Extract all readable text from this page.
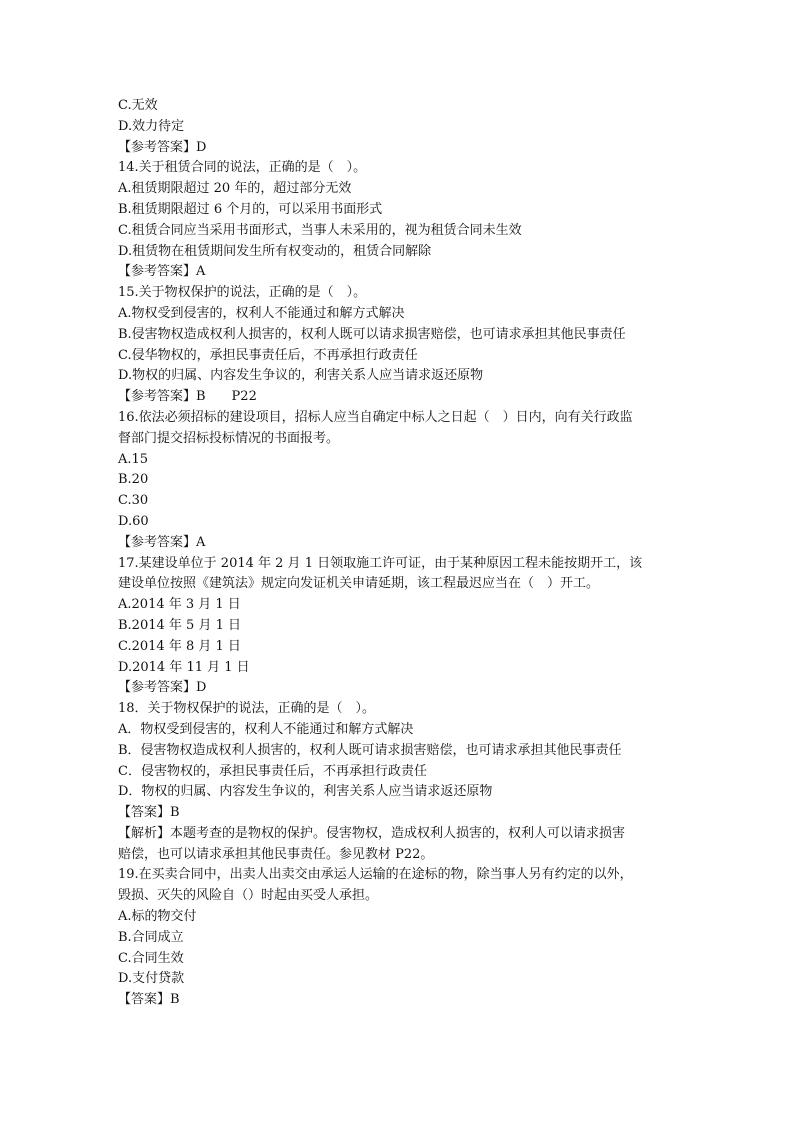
C.无效
D.效力待定
【参考答案】D
14.关于租赁合同的说法，正确的是（　）。
A.租赁期限超过 20 年的，超过部分无效
B.租赁期限超过 6 个月的，可以采用书面形式
C.租赁合同应当采用书面形式，当事人未采用的，视为租赁合同未生效
D.租赁物在租赁期间发生所有权变动的，租赁合同解除
【参考答案】A
15.关于物权保护的说法，正确的是（　）。
A.物权受到侵害的，权利人不能通过和解方式解决
B.侵害物权造成权利人损害的，权利人既可以请求损害赔偿，也可请求承担其他民事责任
C.侵华物权的，承担民事责任后，不再承担行政责任
D.物权的归属、内容发生争议的，利害关系人应当请求返还原物
【参考答案】B　　P22
16.依法必须招标的建设项目，招标人应当自确定中标人之日起（　）日内，向有关行政监
督部门提交招标投标情况的书面报考。
A.15
B.20
C.30
D.60
【参考答案】A
17.某建设单位于 2014 年 2 月 1 日领取施工许可证，由于某种原因工程未能按期开工，该
建设单位按照《建筑法》规定向发证机关申请延期，该工程最迟应当在（　）开工。
A.2014 年 3 月 1 日
B.2014 年 5 月 1 日
C.2014 年 8 月 1 日
D.2014 年 11 月 1 日
【参考答案】D
18．关于物权保护的说法，正确的是（　）。
A．物权受到侵害的，权利人不能通过和解方式解决
B．侵害物权造成权利人损害的，权利人既可请求损害赔偿，也可请求承担其他民事责任
C．侵害物权的，承担民事责任后，不再承担行政责任
D．物权的归属、内容发生争议的，利害关系人应当请求返还原物
【答案】B
【解析】本题考查的是物权的保护。侵害物权，造成权利人损害的，权利人可以请求损害
赔偿，也可以请求承担其他民事责任。参见教材 P22。
19.在买卖合同中，出卖人出卖交由承运人运输的在途标的物，除当事人另有约定的以外，
毁损、灭失的风险自（）时起由买受人承担。
A.标的物交付
B.合同成立
C.合同生效
D.支付贷款
【答案】B
